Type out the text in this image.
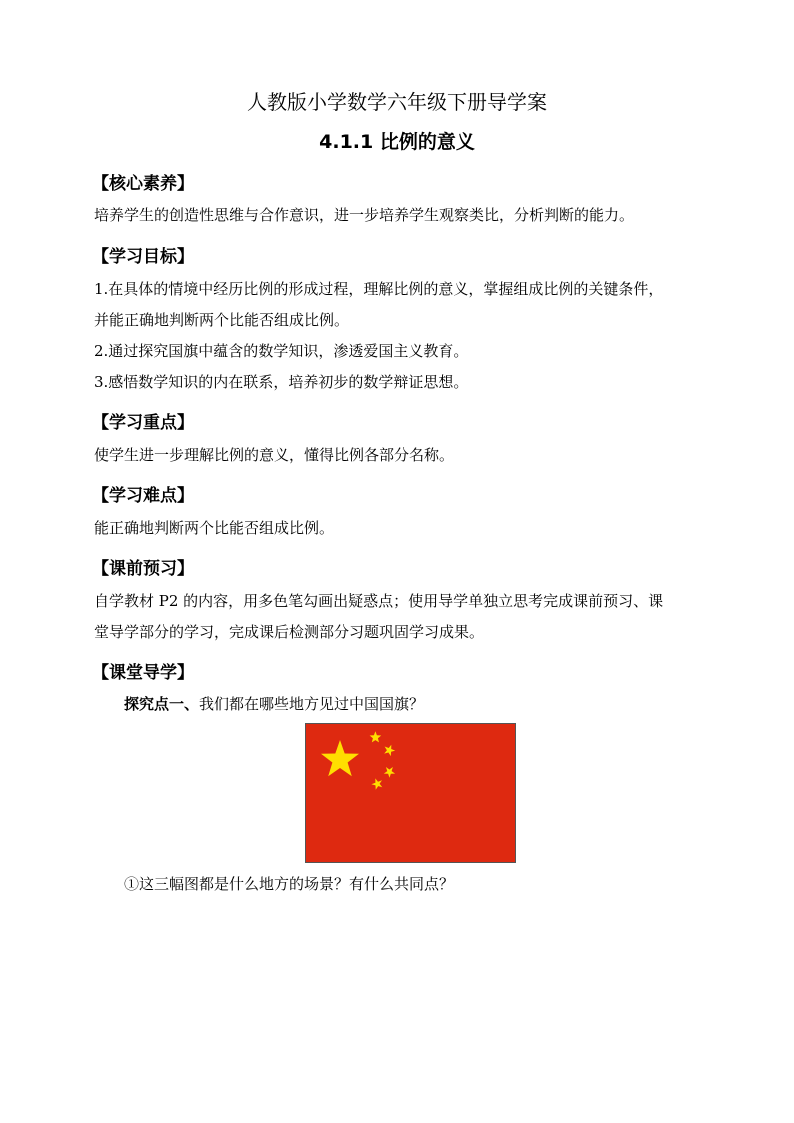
人教版小学数学六年级下册导学案
4.1.1 比例的意义
【核心素养】
培养学生的创造性思维与合作意识，进一步培养学生观察类比，分析判断的能力。
【学习目标】
1.在具体的情境中经历比例的形成过程，理解比例的意义，掌握组成比例的关键条件，
并能正确地判断两个比能否组成比例。
2.通过探究国旗中蕴含的数学知识，渗透爱国主义教育。
3.感悟数学知识的内在联系，培养初步的数学辩证思想。
【学习重点】
使学生进一步理解比例的意义，懂得比例各部分名称。
【学习难点】
能正确地判断两个比能否组成比例。
【课前预习】
自学教材 P2 的内容，用多色笔勾画出疑惑点；使用导学单独立思考完成课前预习、课
堂导学部分的学习，完成课后检测部分习题巩固学习成果。
【课堂导学】
探究点一、我们都在哪些地方见过中国国旗？
①这三幅图都是什么地方的场景？有什么共同点？
